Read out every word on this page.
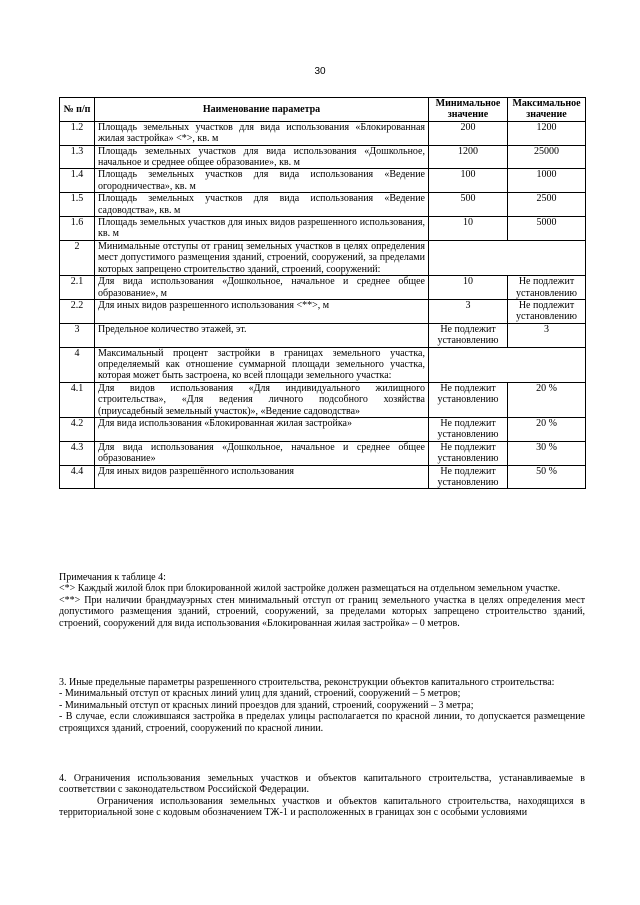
30
№ п/п	Наименование параметра	Минимальное значение	Максимальное значение
1.2	Площадь земельных участков для вида использования «Блокированная жилая застройка» <*>, кв. м	200	1200
1.3	Площадь земельных участков для вида использования «Дошкольное, начальное и среднее общее образование», кв. м	1200	25000
1.4	Площадь земельных участков для вида использования «Ведение огородничества», кв. м	100	1000
1.5	Площадь земельных участков для вида использования «Ведение садоводства», кв. м	500	2500
1.6	Площадь земельных участков для иных видов разрешенного использования, кв. м	10	5000
2	Минимальные отступы от границ земельных участков в целях определения мест допустимого размещения зданий, строений, сооружений, за пределами которых запрещено строительство зданий, строений, сооружений:		
2.1	Для вида использования «Дошкольное, начальное и среднее общее образование», м	10	Не подлежит установлению
2.2	Для иных видов разрешенного использования <**>, м	3	Не подлежит установлению
3	Предельное количество этажей, эт.	Не подлежит установлению	3
4	Максимальный процент застройки в границах земельного участка, определяемый как отношение суммарной площади земельного участка, которая может быть застроена, ко всей площади земельного участка:		
4.1	Для видов использования «Для индивидуального жилищного строительства», «Для ведения личного подсобного хозяйства (приусадебный земельный участок)», «Ведение садоводства»	Не подлежит установлению	20 %
4.2	Для вида использования «Блокированная жилая застройка»	Не подлежит установлению	20 %
4.3	Для вида использования «Дошкольное, начальное и среднее общее образование»	Не подлежит установлению	30 %
4.4	Для иных видов разрешённого использования	Не подлежит установлению	50 %

Примечания к таблице 4:

<*> Каждый жилой блок при блокированной жилой застройке должен размещаться на отдельном земельном участке.

<**> При наличии брандмауэрных стен минимальный отступ от границ земельного участка в целях определения мест допустимого размещения зданий, строений, сооружений, за пределами которых запрещено строительство зданий, строений, сооружений для вида использования «Блокированная жилая застройка» – 0 метров.

3. Иные предельные параметры разрешенного строительства, реконструкции объектов капитального строительства:

- Минимальный отступ от красных линий улиц для зданий, строений, сооружений – 5 метров;

- Минимальный отступ от красных линий проездов для зданий, строений, сооружений – 3 метра;

- В случае, если сложившаяся застройка в пределах улицы располагается по красной линии, то допускается размещение строящихся зданий, строений, сооружений по красной линии.

4. Ограничения использования земельных участков и объектов капитального строительства, устанавливаемые в соответствии с законодательством Российской Федерации.

Ограничения использования земельных участков и объектов капитального строительства, находящихся в территориальной зоне с кодовым обозначением ТЖ-1 и расположенных в границах зон с особыми условиями
